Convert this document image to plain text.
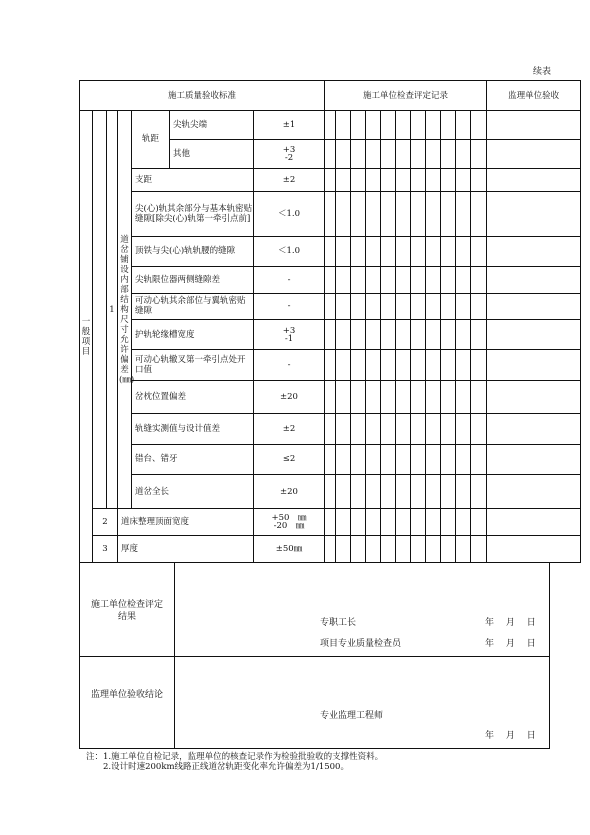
续表
施工质量验收标准							施工单位检查评定记录											监理单位验收
一般项目		1	道岔铺设内部结构尺寸允许偏差(㎜)	轨距	尖轨尖端	±1												
					其他	+3
-2												
				支距		±2												
				尖(心)轨其余部分与基本轨密贴缝隙[除尖(心)轨第一牵引点前]		＜1.0												
				顶铁与尖(心)轨轨腰的缝隙		＜1.0												
				尖轨限位器两侧缝隙差		-												
				可动心轨其余部位与翼轨密贴缝隙		-												
				护轨轮缘槽宽度		+3
-1												
				可动心轨辙叉第一牵引点处开口值		-												
				岔枕位置偏差		±20												
				轨缝实测值与设计值差		±2												
				错台、错牙		≤2												
				道岔全长		±20												
	2		道床整理顶面宽度			+50　㎜
-20　㎜												
	3		厚度			±50㎜												
施工单位检查评定结果
专职工长	年　 月　 日
项目专业质量检查员	年　 月　 日
监理单位验收结论
专业监理工程师
年　 月　 日
注：1.施工单位自检记录，监理单位的核查记录作为检验批验收的支撑性资料。
　　2.设计时速200km线路正线道岔轨距变化率允许偏差为1/1500。
